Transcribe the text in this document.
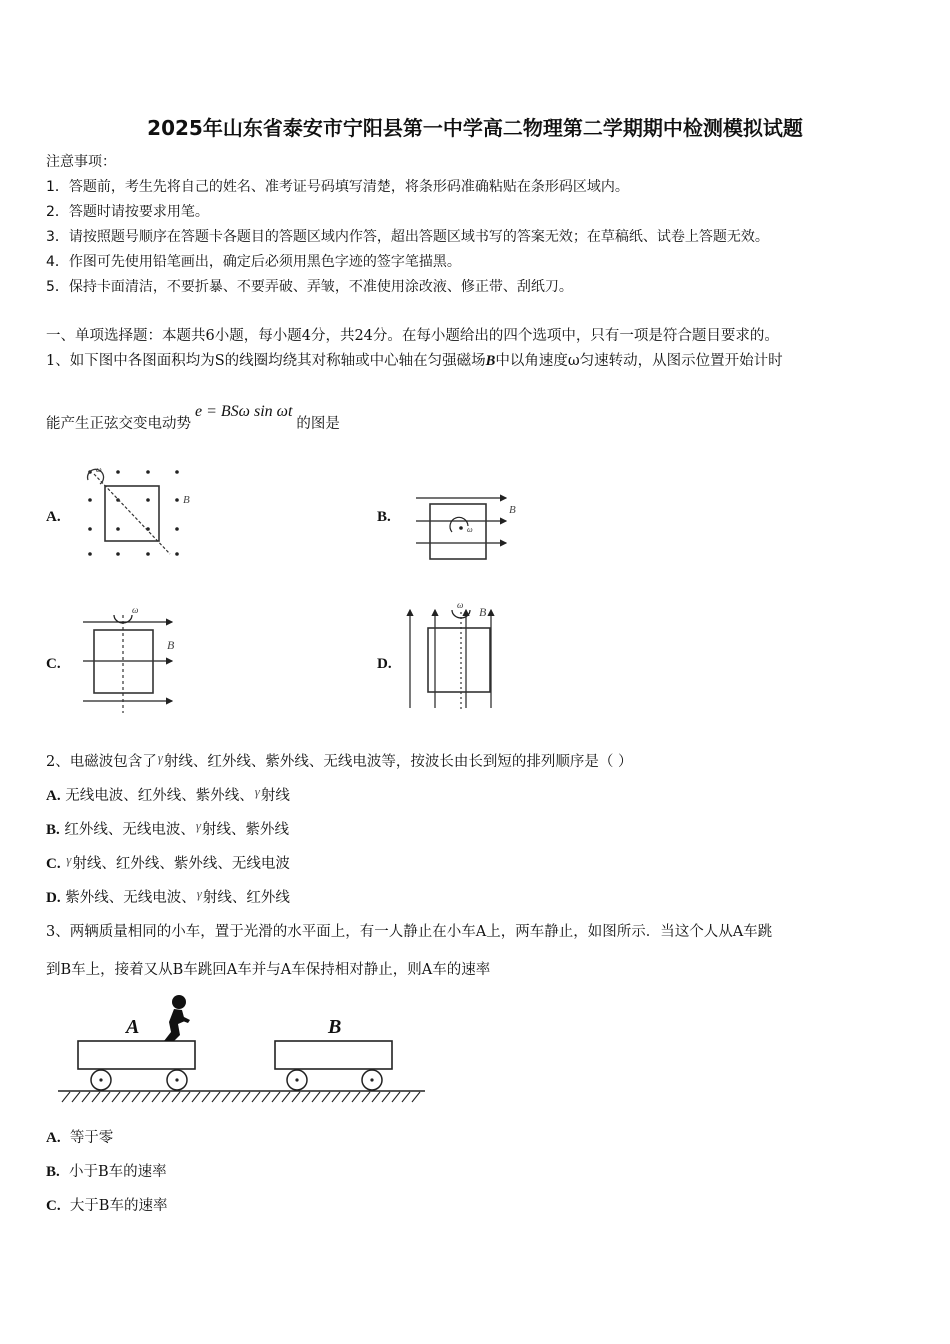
2025年山东省泰安市宁阳县第一中学高二物理第二学期期中检测模拟试题
注意事项：
1．答题前，考生先将自己的姓名、准考证号码填写清楚，将条形码准确粘贴在条形码区域内。
2．答题时请按要求用笔。
3．请按照题号顺序在答题卡各题目的答题区域内作答，超出答题区域书写的答案无效；在草稿纸、试卷上答题无效。
4．作图可先使用铅笔画出，确定后必须用黑色字迹的签字笔描黑。
5．保持卡面清洁，不要折暴、不要弄破、弄皱，不准使用涂改液、修正带、刮纸刀。
一、单项选择题：本题共6小题，每小题4分，共24分。在每小题给出的四个选项中，只有一项是符合题目要求的。
1、如下图中各图面积均为S的线圈均绕其对称轴或中心轴在匀强磁场B中以角速度ω匀速转动，从图示位置开始计时
能产生正弦交变电动势e = BSω sin ωt的图是
A.	B.
C.	D.
ω
B
ω
B
ω
B
ω B
2、电磁波包含了γ射线、红外线、紫外线、无线电波等，按波长由长到短的排列顺序是（ ）
A. 无线电波、红外线、紫外线、γ射线
B. 红外线、无线电波、γ射线、紫外线
C. γ射线、红外线、紫外线、无线电波
D. 紫外线、无线电波、γ射线、红外线
3、两辆质量相同的小车，置于光滑的水平面上，有一人静止在小车A上，两车静止，如图所示．当这个人从A车跳
到B车上，接着又从B车跳回A车并与A车保持相对静止，则A车的速率
A	B
A. 等于零
B. 小于B车的速率
C. 大于B车的速率
